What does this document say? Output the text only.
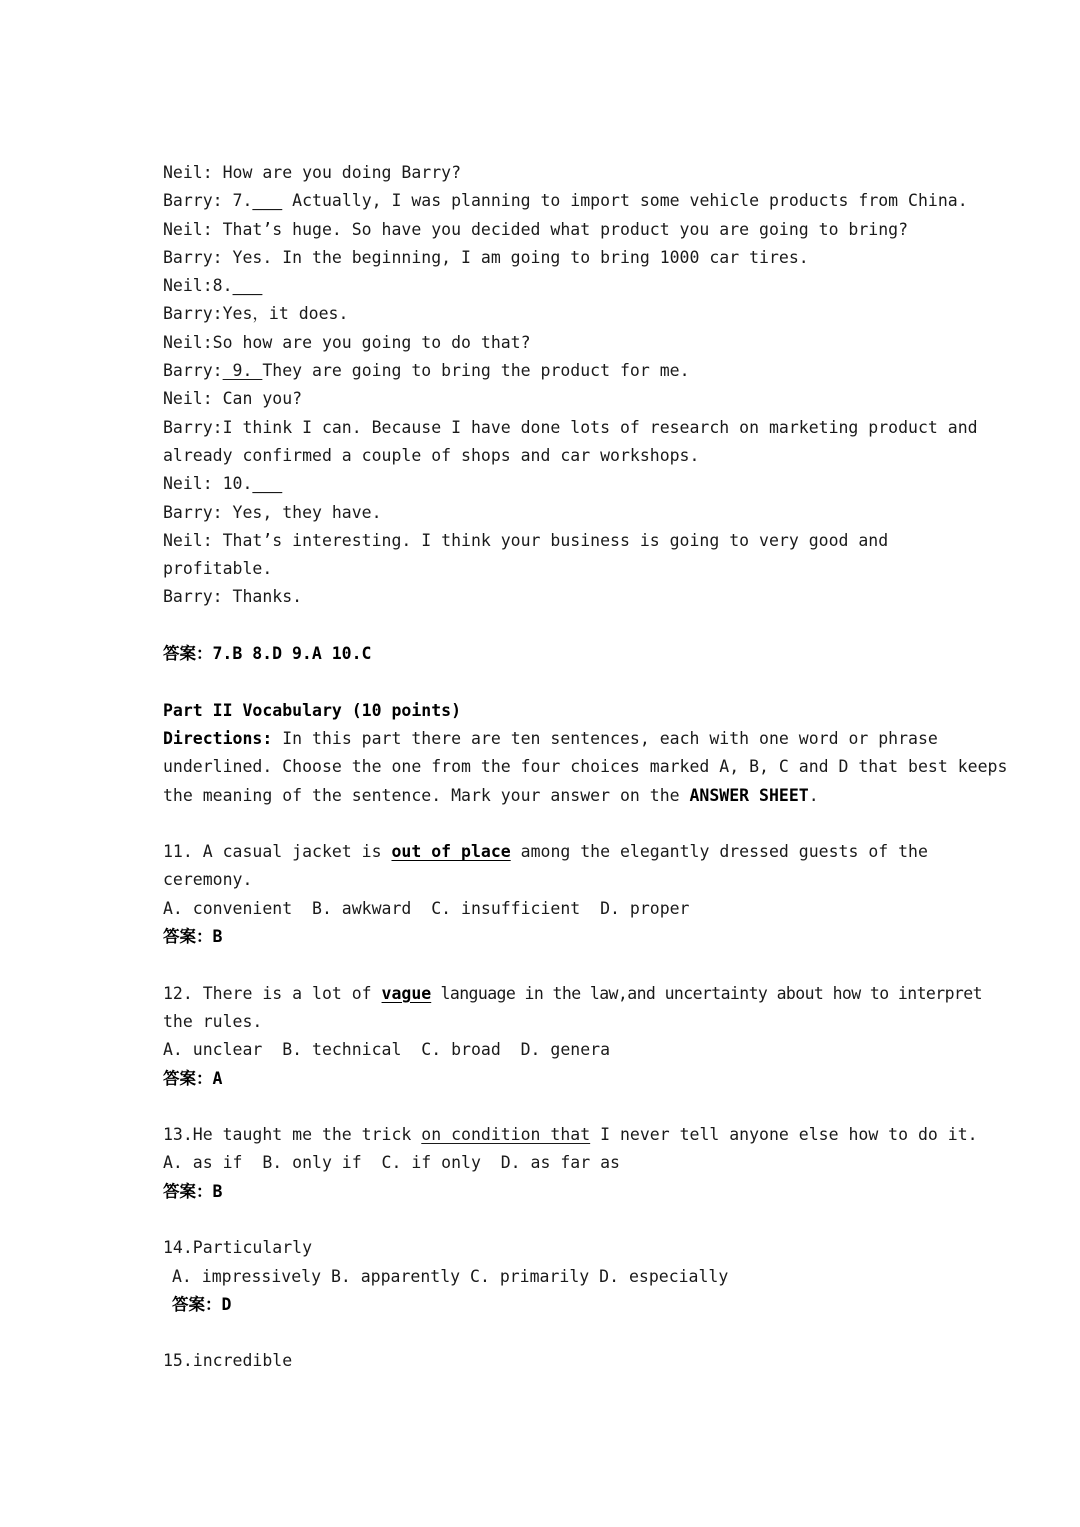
Neil: How are you doing Barry?
Barry: 7.___ Actually, I was planning to import some vehicle products from China.
Neil: That’s huge. So have you decided what product you are going to bring?
Barry: Yes. In the beginning, I am going to bring 1000 car tires.
Neil:8.___
Barry:Yes，it does.
Neil:So how are you going to do that?
Barry: 9. They are going to bring the product for me.
Neil: Can you?
Barry:I think I can. Because I have done lots of research on marketing product and
already confirmed a couple of shops and car workshops.
Neil: 10.___
Barry: Yes, they have.
Neil: That’s interesting. I think your business is going to very good and
profitable.
Barry: Thanks.
答案：7.B 8.D 9.A 10.C
Part II Vocabulary (10 points)
Directions: In this part there are ten sentences, each with one word or phrase
underlined. Choose the one from the four choices marked A, B, C and D that best keeps
the meaning of the sentence. Mark your answer on the ANSWER SHEET.
11. A casual jacket is out of place among the elegantly dressed guests of the
ceremony.
A. convenient  B. awkward  C. insufficient  D. proper
答案：B
12. There is a lot of vague language in the law,and uncertainty about how to interpret
the rules.
A. unclear  B. technical  C. broad  D. genera
答案：A
13.He taught me the trick on condition that I never tell anyone else how to do it.
A. as if  B. only if  C. if only  D. as far as
答案：B
14.Particularly
A. impressively B. apparently C. primarily D. especially
答案：D
15.incredible
